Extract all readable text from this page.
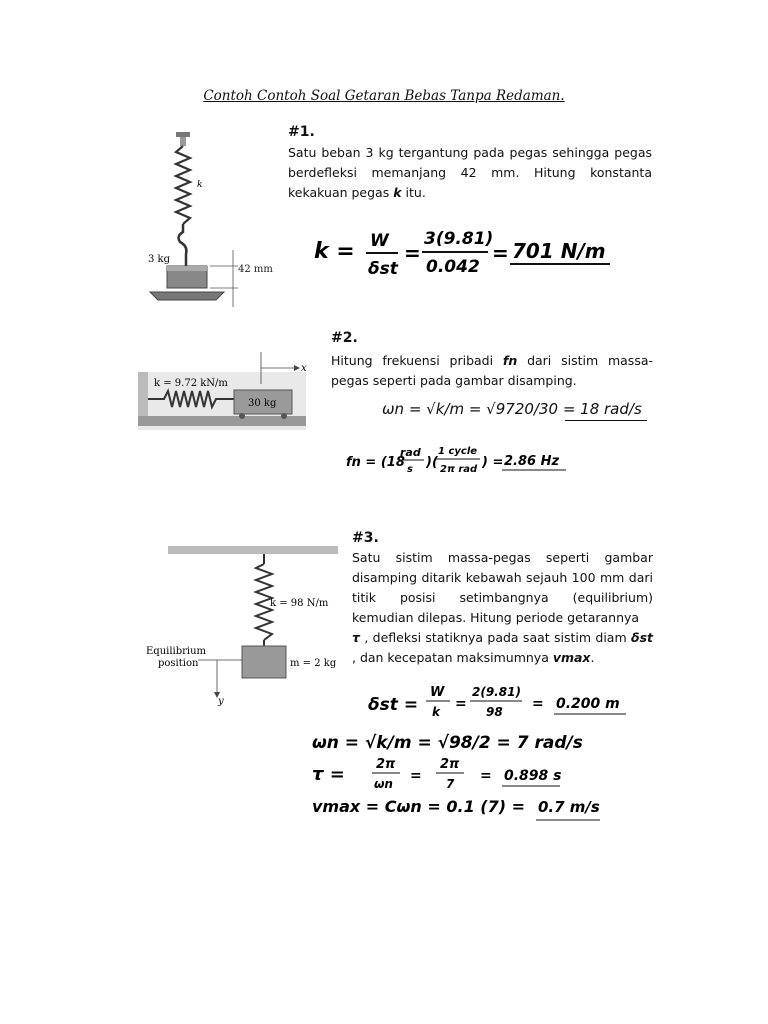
Contoh Contoh Soal Getaran Bebas Tanpa Redaman.
k
3 kg
42 mm
#1.
Satu beban 3 kg tergantung pada pegas sehingga pegas berdefleksi memanjang 42 mm. Hitung konstanta kekakuan pegas k itu.
k = W
δst
=
3(9.81)
0.042
= 701 N/m
k = 9.72 kN/m
30 kg
x
#2.
Hitung frekuensi pribadi fn dari sistim massa-pegas seperti pada gambar disamping.
ωn = √k/m = √9720/30 = 18 rad/s
fn = (18
rad
s )(
1 cycle
2π rad ) = 2.86 Hz
k = 98 N/m
m = 2 kg
Equilibrium
position
y
#3.
Satu sistim massa-pegas seperti gambar disamping ditarik kebawah sejauh 100 mm dari titik posisi setimbangnya (equilibrium) kemudian dilepas. Hitung periode getarannya
τ , defleksi statiknya pada saat sistim diam δst , dan kecepatan maksimumnya vmax.
δst =
W
k =
2(9.81)
98 = 0.200 m
ωn = √k/m = √98/2 = 7 rad/s
τ = 2π
ωn =
2π
7 = 0.898 s
vmax = Cωn = 0.1 (7) = 0.7 m/s
